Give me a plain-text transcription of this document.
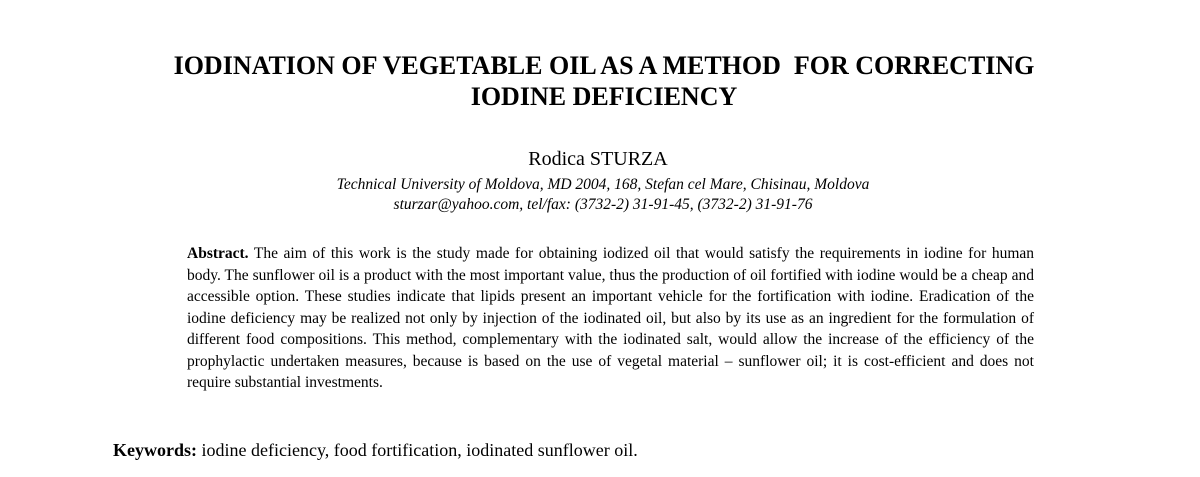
IODINATION OF VEGETABLE OIL AS A METHOD  FOR CORRECTING
IODINE DEFICIENCY

Rodica STURZA

Technical University of Moldova, MD 2004, 168, Stefan cel Mare, Chisinau, Moldova

sturzar@yahoo.com, tel/fax: (3732-2) 31-91-45, (3732-2) 31-91-76

Abstract. The aim of this work is the study made for obtaining iodized oil that would satisfy the requirements in iodine for human body. The sunflower oil is a product with the most important value, thus the production of oil fortified with iodine would be a cheap and accessible option. These studies indicate that lipids present an important vehicle for the fortification with iodine. Eradication of the iodine deficiency may be realized not only by injection of the iodinated oil, but also by its use as an ingredient for the formulation of different food compositions. This method, complementary with the iodinated salt, would allow the increase of the efficiency of the prophylactic undertaken measures, because is based on the use of vegetal material – sunflower oil; it is cost-efficient and does not require substantial investments.

Keywords: iodine deficiency, food fortification, iodinated sunflower oil.
